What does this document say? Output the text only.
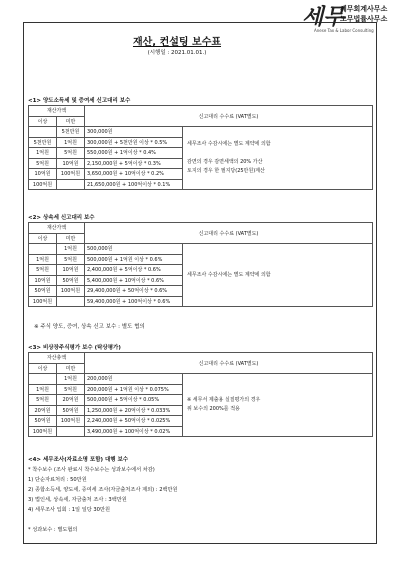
세무
세무회계사무소
노무법률사무소
Anese Tax & Labor Consulting
재산, 컨설팅 보수표
(시행일 : 2021.01.01.)
<1> 양도소득세 및 증여세 신고대리 보수
재산가액		신고대리 수수료 (VAT별도)	
이상	미만		
	5천만원	300,000원	세무조사 수감시에는 별도 계약에 의함

감면의 경우 감면세액의 20% 가산
토지의 경우 한 필지당(25만원)계산

5천만원	1억원	300,000원 + 5천만원 이상 * 0.5%	
1억원	5억원	550,000원 + 1억이상 * 0.4%	
5억원	10억원	2,150,000원 + 5억이상 * 0.3%	
10억원	100억원	3,650,000원 + 10억이상 * 0.2%	
100억원		21,650,000원 + 100억이상 * 0.1%	
<2> 상속세 신고대리 보수
재산가액		신고대리 수수료 (VAT별도)	
이상	미만		
	1억원	500,000원	세무조사 수감시에는 별도 계약에 의함

1억원	5억원	500,000원 + 1억원 이상 * 0.6%	
5억원	10억원	2,400,000원 + 5억이상 * 0.6%	
10억원	50억원	5,400,000원 + 10억이상 * 0.6%	
50억원	100억원	29,400,000원 + 50억이상 * 0.6%	
100억원		59,400,000원 + 100억이상 * 0.6%	
※ 주식 양도, 증여, 상속 신고 보수 : 별도 협의
<3> 비상장주식평가 보수 (탁상평가)
자산총액		신고대리 수수료 (VAT별도)	
이상	미만		
	1억원	200,000원	※ 세무서 제출용 실질평가의 경우
위 보수의 200%를 적용

1억원	5억원	200,000원 + 1억원 이상 * 0.075%	
5억원	20억원	500,000원 + 5억이상 * 0.05%	
20억원	50억원	1,250,000원 + 20억이상 * 0.033%	
50억원	100억원	2,240,000원 + 50억이상 * 0.025%	
100억원		3,490,000원 + 100억이상 * 0.02%	
<4> 세무조사(자료소명 포함) 대행 보수
* 착수보수 (조사 완료시 착수보수는 성과보수에서 차감)
1) 단순자료처리 : 50만원
2) 종합소득세, 양도세, 증여세 조사(자금출처조사 제외) : 2백만원
3) 법인세, 상속세, 자금출처 조사 : 3백만원
4) 세무조사 입회 : 1일 일당 30만원

* 성과보수 : 별도협의
